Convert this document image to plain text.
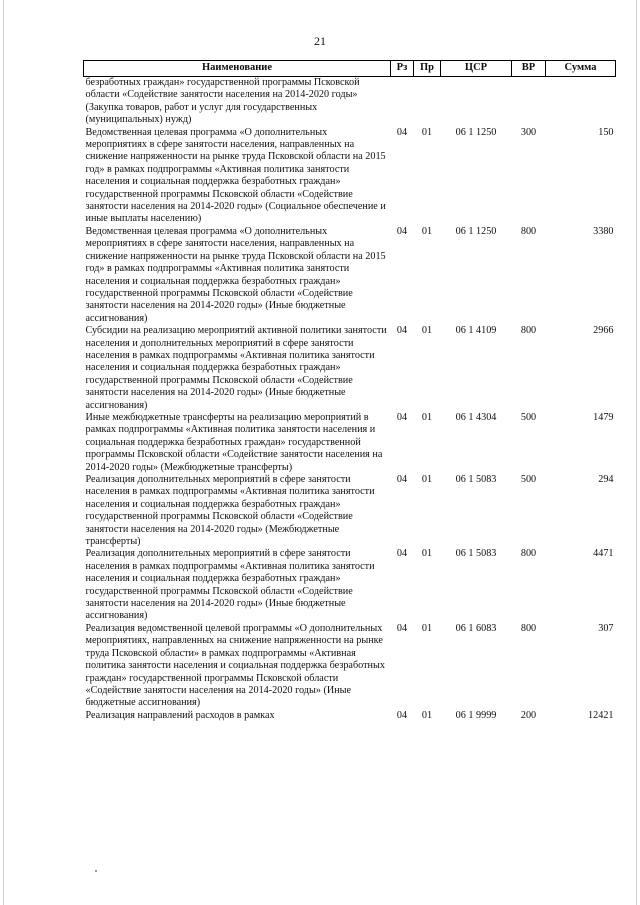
21
Наименование	Рз	Пр	ЦСР	ВР	Сумма
безработных граждан» государственной программы Псковской области «Содействие занятости населения на 2014-2020 годы» (Закупка товаров, работ и услуг для государственных (муниципальных) нужд)					
Ведомственная целевая программа «О дополнительных мероприятиях в сфере занятости населения, направленных на снижение напряженности на рынке труда Псковской области на 2015 год» в рамках подпрограммы «Активная политика занятости населения и социальная поддержка безработных граждан» государственной программы Псковской области «Содействие занятости населения на 2014-2020 годы» (Социальное обеспечение и иные выплаты населению)	04	01	06 1 1250	300	150
Ведомственная целевая программа «О дополнительных мероприятиях в сфере занятости населения, направленных на снижение напряженности на рынке труда Псковской области на 2015 год» в рамках подпрограммы «Активная политика занятости населения и социальная поддержка безработных граждан» государственной программы Псковской области «Содействие занятости населения на 2014-2020 годы» (Иные бюджетные ассигнования)	04	01	06 1 1250	800	3380
Субсидии на реализацию мероприятий активной политики занятости населения и дополнительных мероприятий в сфере занятости населения в рамках подпрограммы «Активная политика занятости населения и социальная поддержка безработных граждан» государственной программы Псковской области «Содействие занятости населения на 2014-2020 годы» (Иные бюджетные ассигнования)	04	01	06 1 4109	800	2966
Иные межбюджетные трансферты на реализацию мероприятий в рамках подпрограммы «Активная политика занятости населения и социальная поддержка безработных граждан» государственной программы Псковской области «Содействие занятости населения на 2014-2020 годы» (Межбюджетные трансферты)	04	01	06 1 4304	500	1479
Реализация дополнительных мероприятий в сфере занятости населения в рамках подпрограммы «Активная политика занятости населения и социальная поддержка безработных граждан» государственной программы Псковской области «Содействие занятости населения на 2014-2020 годы» (Межбюджетные трансферты)	04	01	06 1 5083	500	294
Реализация дополнительных мероприятий в сфере занятости населения в рамках подпрограммы «Активная политика занятости населения и социальная поддержка безработных граждан» государственной программы Псковской области «Содействие занятости населения на 2014-2020 годы» (Иные бюджетные ассигнования)	04	01	06 1 5083	800	4471
Реализация ведомственной целевой программы «О дополнительных мероприятиях, направленных на снижение напряженности на рынке труда Псковской области» в рамках подпрограммы «Активная политика занятости населения и социальная поддержка безработных граждан» государственной программы Псковской области «Содействие занятости населения на 2014-2020 годы» (Иные бюджетные ассигнования)	04	01	06 1 6083	800	307
Реализация направлений расходов в рамках	04	01	06 1 9999	200	12421
